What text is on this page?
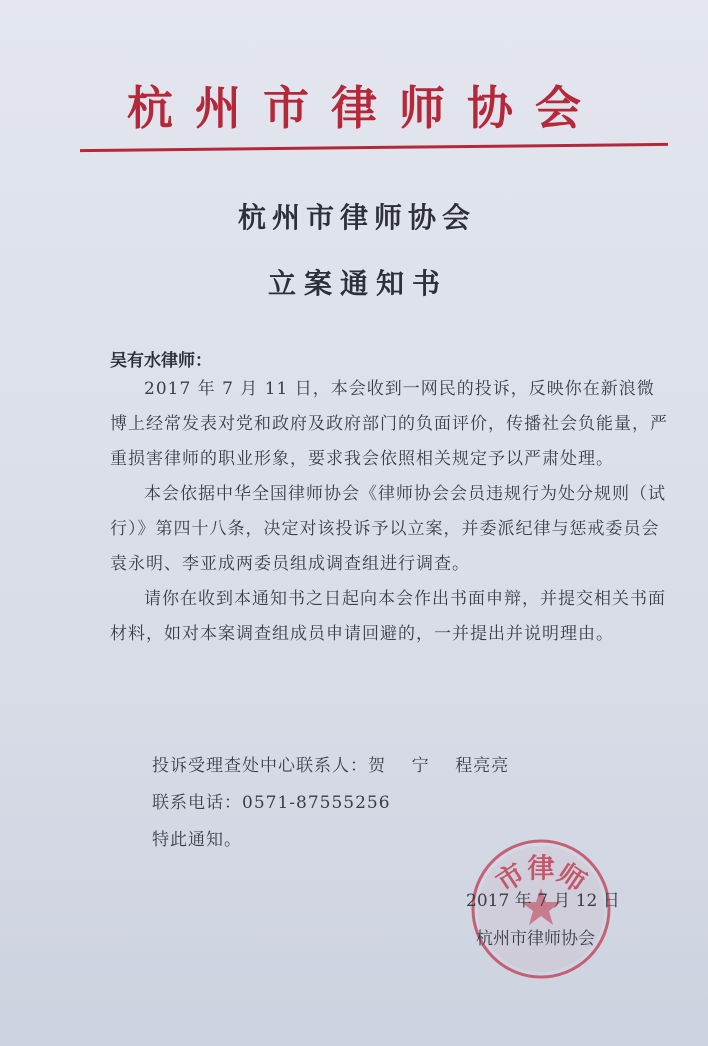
杭州市律师协会
杭州市律师协会
立案通知书
吴有水律师：

2017 年 7 月 11 日，本会收到一网民的投诉，反映你在新浪微博上经常发表对党和政府及政府部门的负面评价，传播社会负能量，严重损害律师的职业形象，要求我会依照相关规定予以严肃处理。

本会依据中华全国律师协会《律师协会会员违规行为处分规则（试行）》第四十八条，决定对该投诉予以立案，并委派纪律与惩戒委员会袁永明、李亚成两委员组成调查组进行调查。

请你在收到本通知书之日起向本会作出书面申辩，并提交相关书面材料，如对本案调查组成员申请回避的，一并提出并说明理由。

投诉受理查处中心联系人：贺    宁    程亮亮
联系电话：0571-87555256
特此通知。
市律师
2017 年 7 月 12 日
杭州市律师协会
